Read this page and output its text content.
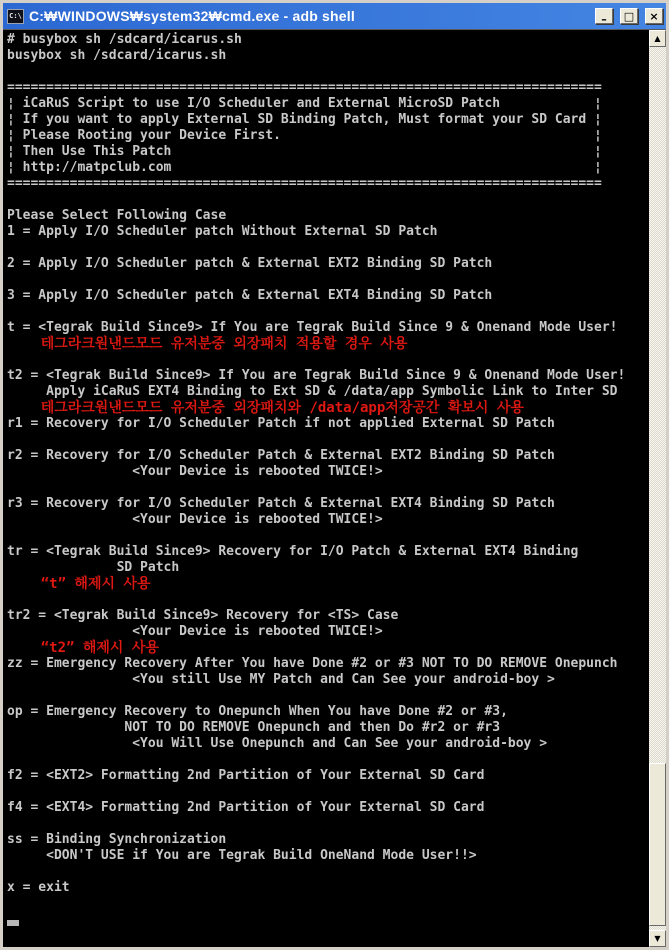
C:\ C:₩WINDOWS₩system32₩cmd.exe - adb shell	– □ ×
# busybox sh /sdcard/icarus.sh
busybox sh /sdcard/icarus.sh
============================================================================
¦ iCaRuS Script to use I/O Scheduler and External MicroSD Patch            ¦
¦ If you want to apply External SD Binding Patch, Must format your SD Card ¦
¦ Please Rooting your Device First.                                        ¦
¦ Then Use This Patch                                                      ¦
¦ http://matpclub.com                                                      ¦
============================================================================
Please Select Following Case
1 = Apply I/O Scheduler patch Without External SD Patch
2 = Apply I/O Scheduler patch & External EXT2 Binding SD Patch
3 = Apply I/O Scheduler patch & External EXT4 Binding SD Patch
t = <Tegrak Build Since9> If You are Tegrak Build Since 9 & Onenand Mode User!
테그라크원낸드모드 유저분중 외장패치 적용할 경우 사용
t2 = <Tegrak Build Since9> If You are Tegrak Build Since 9 & Onenand Mode User!
Apply iCaRuS EXT4 Binding to Ext SD & /data/app Symbolic Link to Inter SD
테그라크원낸드모드 유저분중 외장패치와 /data/app저장공간 확보시 사용
r1 = Recovery for I/O Scheduler Patch if not applied External SD Patch
r2 = Recovery for I/O Scheduler Patch & External EXT2 Binding SD Patch
<Your Device is rebooted TWICE!>
r3 = Recovery for I/O Scheduler Patch & External EXT4 Binding SD Patch
<Your Device is rebooted TWICE!>
tr = <Tegrak Build Since9> Recovery for I/O Patch & External EXT4 Binding
SD Patch
“t” 해제시 사용
tr2 = <Tegrak Build Since9> Recovery for <TS> Case
<Your Device is rebooted TWICE!>
“t2” 해제시 사용
zz = Emergency Recovery After You have Done #2 or #3 NOT TO DO REMOVE Onepunch
<You still Use MY Patch and Can See your android-boy >
op = Emergency Recovery to Onepunch When You have Done #2 or #3,
NOT TO DO REMOVE Onepunch and then Do #r2 or #r3
<You Will Use Onepunch and Can See your android-boy >
f2 = <EXT2> Formatting 2nd Partition of Your External SD Card
f4 = <EXT4> Formatting 2nd Partition of Your External SD Card
ss = Binding Synchronization
<DON'T USE if You are Tegrak Build OneNand Mode User!!>
x = exit
▲
▼
